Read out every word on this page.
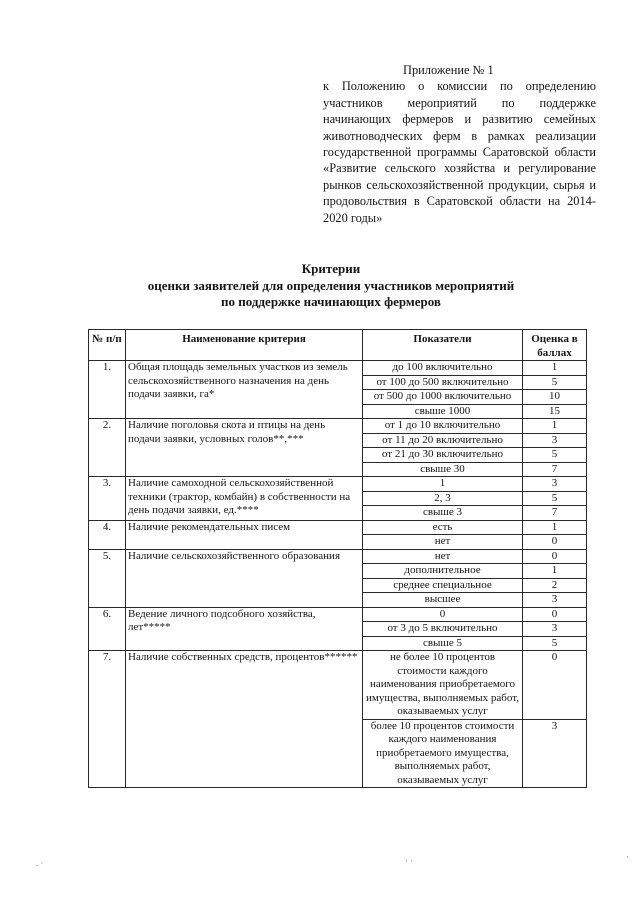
Приложение № 1
к Положению о комиссии по определению участников мероприятий по поддержке начинающих фермеров и развитию семейных животноводческих ферм в рамках реализации государственной программы Саратовской области «Развитие сельского хозяйства и регулирование рынков сельскохозяйственной продукции, сырья и продовольствия в Саратовской области на 2014-2020 годы»
Критерии
оценки заявителей для определения участников мероприятий
по поддержке начинающих фермеров
№ п/п	Наименование критерия	Показатели	Оценка в баллах
1.	Общая площадь земельных участков из земель сельскохозяйственного назначения на день подачи заявки, га*	до 100 включительно	1
		от 100 до 500 включительно	5
		от 500 до 1000 включительно	10
		свыше 1000	15
2.	Наличие поголовья скота и птицы на день подачи заявки, условных голов**,***	от 1 до 10 включительно	1
		от 11 до 20 включительно	3
		от 21 до 30 включительно	5
		свыше 30	7
3.	Наличие самоходной сельскохозяйственной техники (трактор, комбайн) в собственности на день подачи заявки, ед.****	1	3
		2, 3	5
		свыше 3	7
4.	Наличие рекомендательных писем	есть	1
		нет	0
5.	Наличие сельскохозяйственного образования	нет	0
		дополнительное	1
		среднее специальное	2
		высшее	3
6.	Ведение личного подсобного хозяйства, лет*****	0	0
		от 3 до 5 включительно	3
		свыше 5	5
7.	Наличие собственных средств, процентов******	не более 10 процентов стоимости каждого наименования приобретаемого имущества, выполняемых работ, оказываемых услуг	0
		более 10 процентов стоимости каждого наименования приобретаемого имущества, выполняемых работ, оказываемых услуг	3
. ·	· ·	·
